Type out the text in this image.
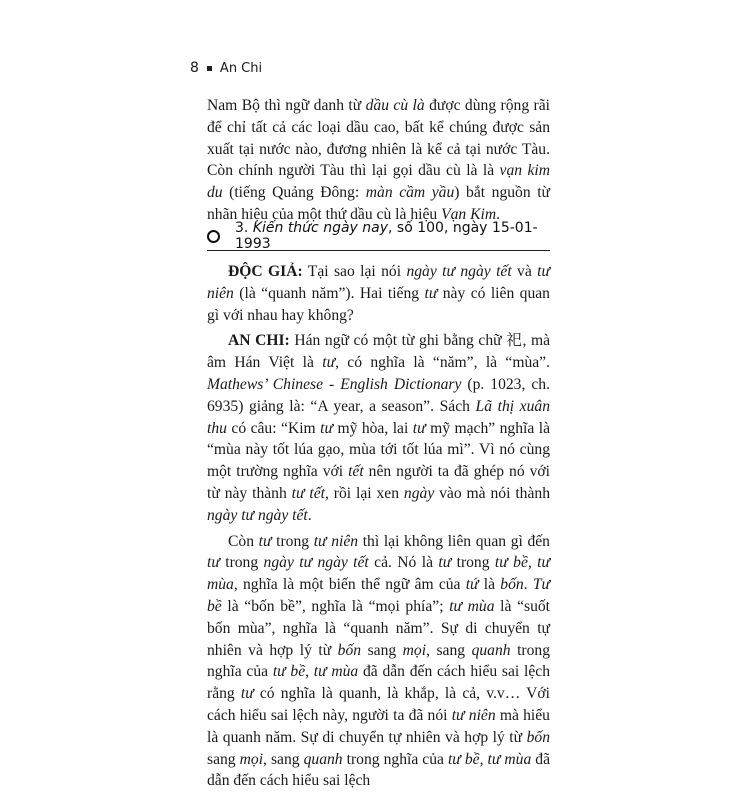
8 An Chi

Nam Bộ thì ngữ danh từ dầu cù là được dùng rộng rãi để chỉ tất cả các loại dầu cao, bất kể chúng được sản xuất tại nước nào, đương nhiên là kể cả tại nước Tàu. Còn chính người Tàu thì lại gọi dầu cù là là vạn kim du (tiếng Quảng Đông: màn cầm yầu) bắt nguồn từ nhãn hiệu của một thứ dầu cù là hiệu Vạn Kim.

3. Kiến thức ngày nay, số 100, ngày 15-01-1993

ĐỘC GIẢ: Tại sao lại nói ngày tư ngày tết và tư niên (là “quanh năm”). Hai tiếng tư này có liên quan gì với nhau hay không?

AN CHI: Hán ngữ có một từ ghi bằng chữ 祀, mà âm Hán Việt là tư, có nghĩa là “năm”, là “mùa”. Mathews’ Chinese - English Dictionary (p. 1023, ch. 6935) giảng là: “A year, a season”. Sách Lã thị xuân thu có câu: “Kim tư mỹ hòa, lai tư mỹ mạch” nghĩa là “mùa này tốt lúa gạo, mùa tới tốt lúa mì”. Vì nó cùng một trường nghĩa với tết nên người ta đã ghép nó với từ này thành tư tết, rồi lại xen ngày vào mà nói thành ngày tư ngày tết.

Còn tư trong tư niên thì lại không liên quan gì đến tư trong ngày tư ngày tết cả. Nó là tư trong tư bề, tư mùa, nghĩa là một biến thể ngữ âm của tứ là bốn. Tư bề là “bốn bề”, nghĩa là “mọi phía”; tư mùa là “suốt bốn mùa”, nghĩa là “quanh năm”. Sự di chuyển tự nhiên và hợp lý từ bốn sang mọi, sang quanh trong nghĩa của tư bề, tư mùa đã dẫn đến cách hiểu sai lệch rằng tư có nghĩa là quanh, là khắp, là cả, v.v… Với cách hiểu sai lệch này, người ta đã nói tư niên mà hiểu là quanh năm. Sự di chuyển tự nhiên và hợp lý từ bốn sang mọi, sang quanh trong nghĩa của tư bề, tư mùa đã dẫn đến cách hiểu sai lệch
